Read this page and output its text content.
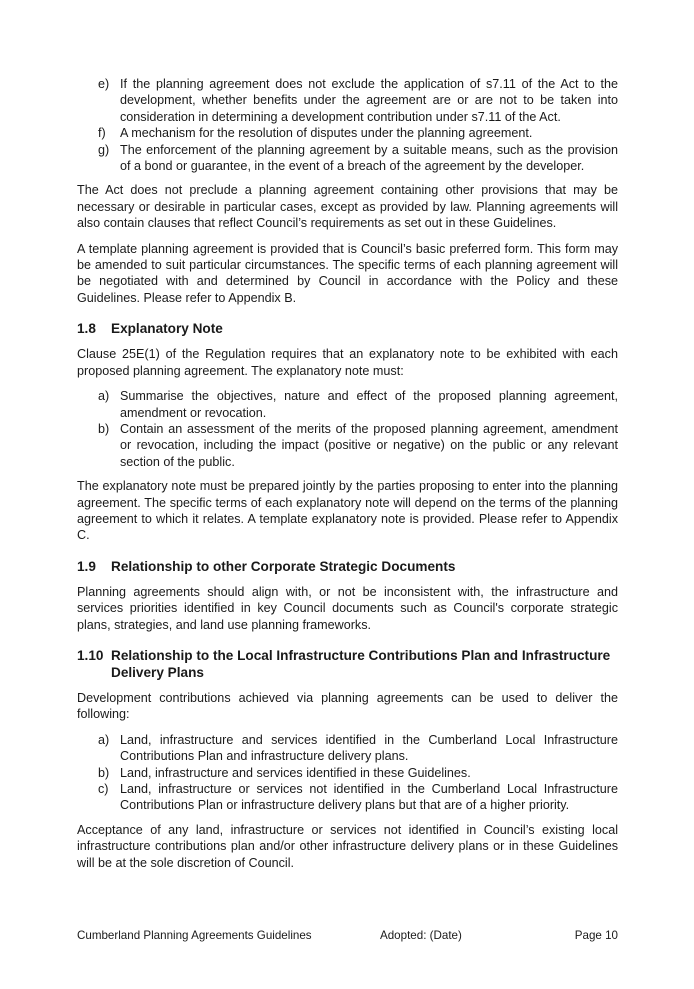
e) If the planning agreement does not exclude the application of s7.11 of the Act to the development, whether benefits under the agreement are or are not to be taken into consideration in determining a development contribution under s7.11 of the Act.
f) A mechanism for the resolution of disputes under the planning agreement.
g) The enforcement of the planning agreement by a suitable means, such as the provision of a bond or guarantee, in the event of a breach of the agreement by the developer.

The Act does not preclude a planning agreement containing other provisions that may be necessary or desirable in particular cases, except as provided by law. Planning agreements will also contain clauses that reflect Council’s requirements as set out in these Guidelines.

A template planning agreement is provided that is Council’s basic preferred form. This form may be amended to suit particular circumstances. The specific terms of each planning agreement will be negotiated with and determined by Council in accordance with the Policy and these Guidelines. Please refer to Appendix B.

1.8 Explanatory Note

Clause 25E(1) of the Regulation requires that an explanatory note to be exhibited with each proposed planning agreement. The explanatory note must:

a) Summarise the objectives, nature and effect of the proposed planning agreement, amendment or revocation.
b) Contain an assessment of the merits of the proposed planning agreement, amendment or revocation, including the impact (positive or negative) on the public or any relevant section of the public.

The explanatory note must be prepared jointly by the parties proposing to enter into the planning agreement. The specific terms of each explanatory note will depend on the terms of the planning agreement to which it relates. A template explanatory note is provided. Please refer to Appendix C.

1.9 Relationship to other Corporate Strategic Documents

Planning agreements should align with, or not be inconsistent with, the infrastructure and services priorities identified in key Council documents such as Council's corporate strategic plans, strategies, and land use planning frameworks.

1.10 Relationship to the Local Infrastructure Contributions Plan and Infrastructure Delivery Plans

Development contributions achieved via planning agreements can be used to deliver the following:

a) Land, infrastructure and services identified in the Cumberland Local Infrastructure Contributions Plan and infrastructure delivery plans.
b) Land, infrastructure and services identified in these Guidelines.
c) Land, infrastructure or services not identified in the Cumberland Local Infrastructure Contributions Plan or infrastructure delivery plans but that are of a higher priority.

Acceptance of any land, infrastructure or services not identified in Council’s existing local infrastructure contributions plan and/or other infrastructure delivery plans or in these Guidelines will be at the sole discretion of Council.

Cumberland Planning Agreements Guidelines	Adopted: (Date)	Page 10
